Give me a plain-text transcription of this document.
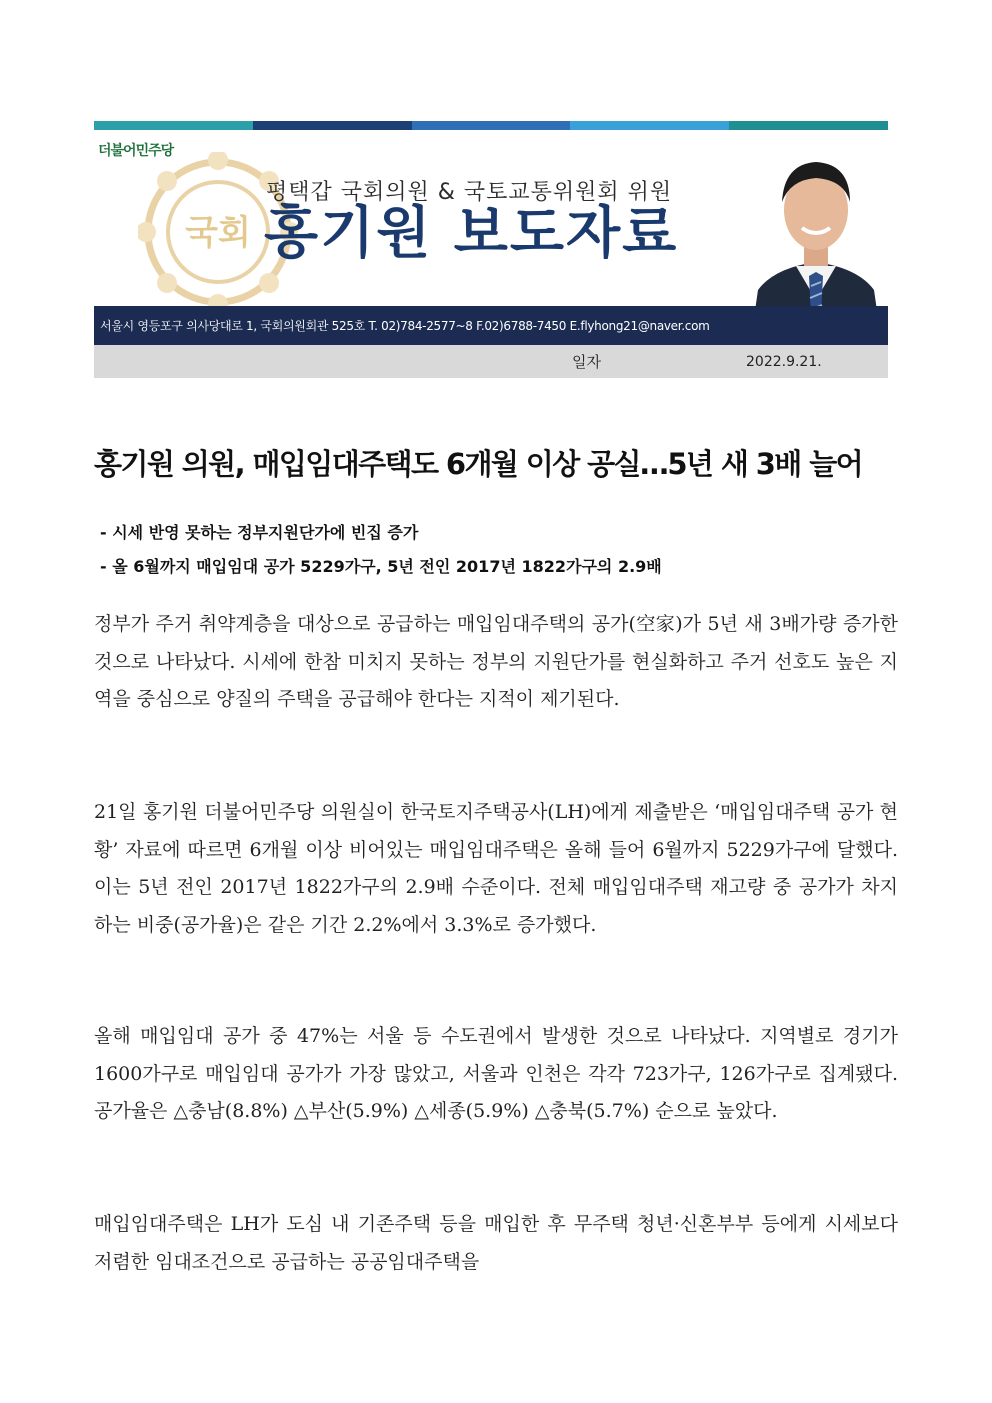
더불어민주당
국회
평택갑 국회의원 & 국토교통위원회 위원
홍기원 보도자료
서울시 영등포구 의사당대로 1, 국회의원회관 525호 T. 02)784-2577~8 F.02)6788-7450 E.flyhong21@naver.com
일자	2022.9.21.
홍기원 의원, 매입임대주택도 6개월 이상 공실…5년 새 3배 늘어
- 시세 반영 못하는 정부지원단가에 빈집 증가
- 올 6월까지 매입임대 공가 5229가구, 5년 전인 2017년 1822가구의 2.9배

정부가 주거 취약계층을 대상으로 공급하는 매입임대주택의 공가(空家)가 5년 새 3배가량 증가한 것으로 나타났다. 시세에 한참 미치지 못하는 정부의 지원단가를 현실화하고 주거 선호도 높은 지역을 중심으로 양질의 주택을 공급해야 한다는 지적이 제기된다.

21일 홍기원 더불어민주당 의원실이 한국토지주택공사(LH)에게 제출받은 ‘매입임대주택 공가 현황’ 자료에 따르면 6개월 이상 비어있는 매입임대주택은 올해 들어 6월까지 5229가구에 달했다. 이는 5년 전인 2017년 1822가구의 2.9배 수준이다. 전체 매입임대주택 재고량 중 공가가 차지하는 비중(공가율)은 같은 기간 2.2%에서 3.3%로 증가했다.

올해 매입임대 공가 중 47%는 서울 등 수도권에서 발생한 것으로 나타났다. 지역별로 경기가 1600가구로 매입임대 공가가 가장 많았고, 서울과 인천은 각각 723가구, 126가구로 집계됐다. 공가율은 △충남(8.8%) △부산(5.9%) △세종(5.9%) △충북(5.7%) 순으로 높았다.

매입임대주택은 LH가 도심 내 기존주택 등을 매입한 후 무주택 청년·신혼부부 등에게 시세보다 저렴한 임대조건으로 공급하는 공공임대주택을
